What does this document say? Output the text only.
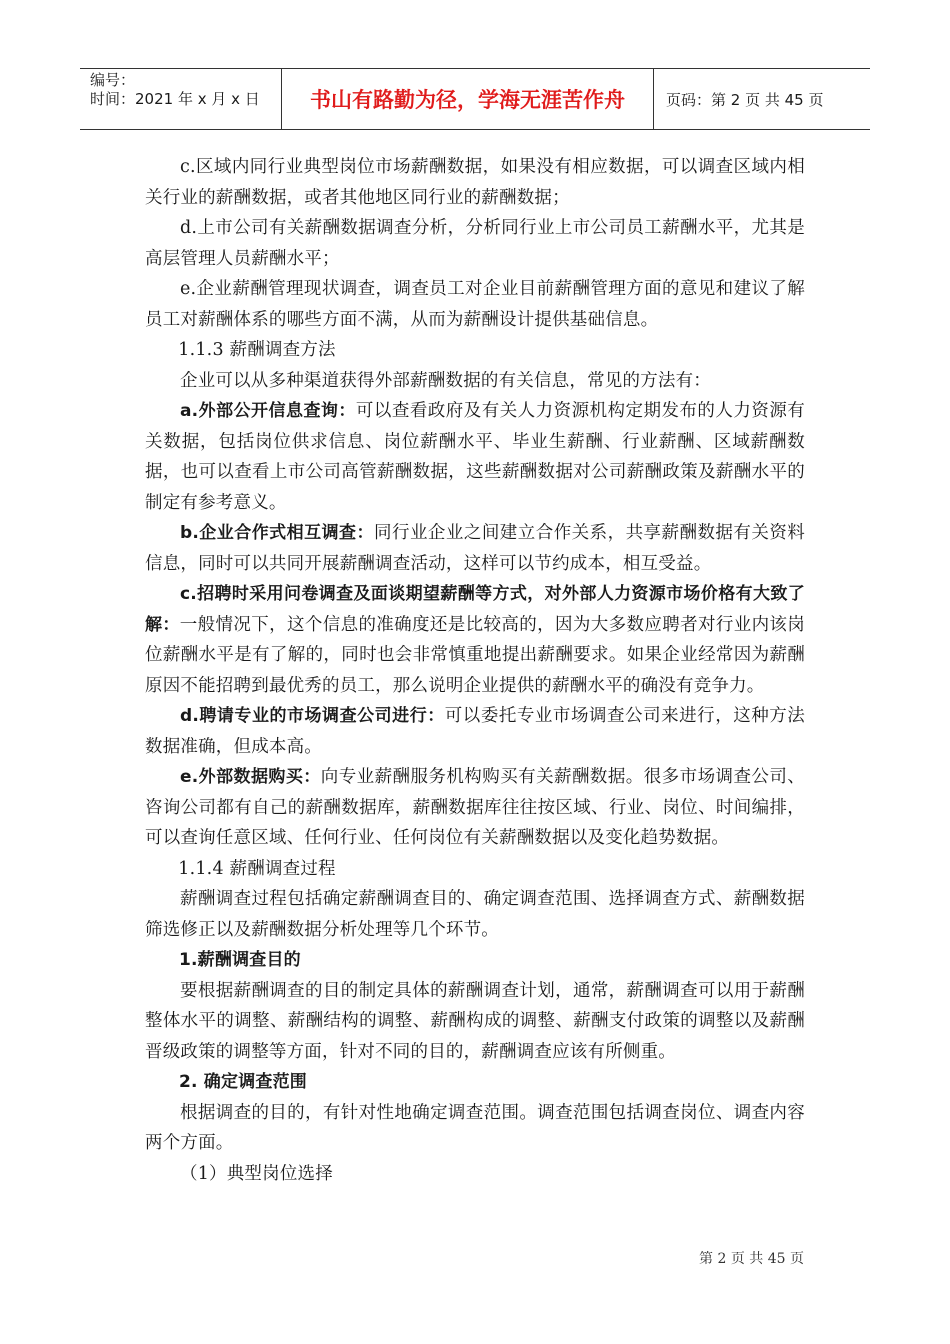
编号：
时间：2021 年 x 月 x 日	书山有路勤为径，学海无涯苦作舟	页码：第 2 页 共 45 页

c.区域内同行业典型岗位市场薪酬数据，如果没有相应数据，可以调查区域内相关行业的薪酬数据，或者其他地区同行业的薪酬数据；

d.上市公司有关薪酬数据调查分析，分析同行业上市公司员工薪酬水平，尤其是高层管理人员薪酬水平；

e.企业薪酬管理现状调查，调查员工对企业目前薪酬管理方面的意见和建议了解员工对薪酬体系的哪些方面不满，从而为薪酬设计提供基础信息。

1.1.3 薪酬调查方法

企业可以从多种渠道获得外部薪酬数据的有关信息，常见的方法有：

a.外部公开信息查询：可以查看政府及有关人力资源机构定期发布的人力资源有关数据，包括岗位供求信息、岗位薪酬水平、毕业生薪酬、行业薪酬、区域薪酬数据，也可以查看上市公司高管薪酬数据，这些薪酬数据对公司薪酬政策及薪酬水平的制定有参考意义。

b.企业合作式相互调查：同行业企业之间建立合作关系，共享薪酬数据有关资料信息，同时可以共同开展薪酬调查活动，这样可以节约成本，相互受益。

c.招聘时采用问卷调查及面谈期望薪酬等方式，对外部人力资源市场价格有大致了解：一般情况下，这个信息的准确度还是比较高的，因为大多数应聘者对行业内该岗位薪酬水平是有了解的，同时也会非常慎重地提出薪酬要求。如果企业经常因为薪酬原因不能招聘到最优秀的员工，那么说明企业提供的薪酬水平的确没有竞争力。

d.聘请专业的市场调查公司进行：可以委托专业市场调查公司来进行，这种方法数据准确，但成本高。

e.外部数据购买：向专业薪酬服务机构购买有关薪酬数据。很多市场调查公司、咨询公司都有自己的薪酬数据库，薪酬数据库往往按区域、行业、岗位、时间编排，可以查询任意区域、任何行业、任何岗位有关薪酬数据以及变化趋势数据。

1.1.4 薪酬调查过程

薪酬调查过程包括确定薪酬调查目的、确定调查范围、选择调查方式、薪酬数据筛选修正以及薪酬数据分析处理等几个环节。

1.薪酬调查目的

要根据薪酬调查的目的制定具体的薪酬调查计划，通常，薪酬调查可以用于薪酬整体水平的调整、薪酬结构的调整、薪酬构成的调整、薪酬支付政策的调整以及薪酬晋级政策的调整等方面，针对不同的目的，薪酬调查应该有所侧重。

2. 确定调查范围

根据调查的目的，有针对性地确定调查范围。调查范围包括调查岗位、调查内容两个方面。

（1）典型岗位选择

第 2 页 共 45 页
